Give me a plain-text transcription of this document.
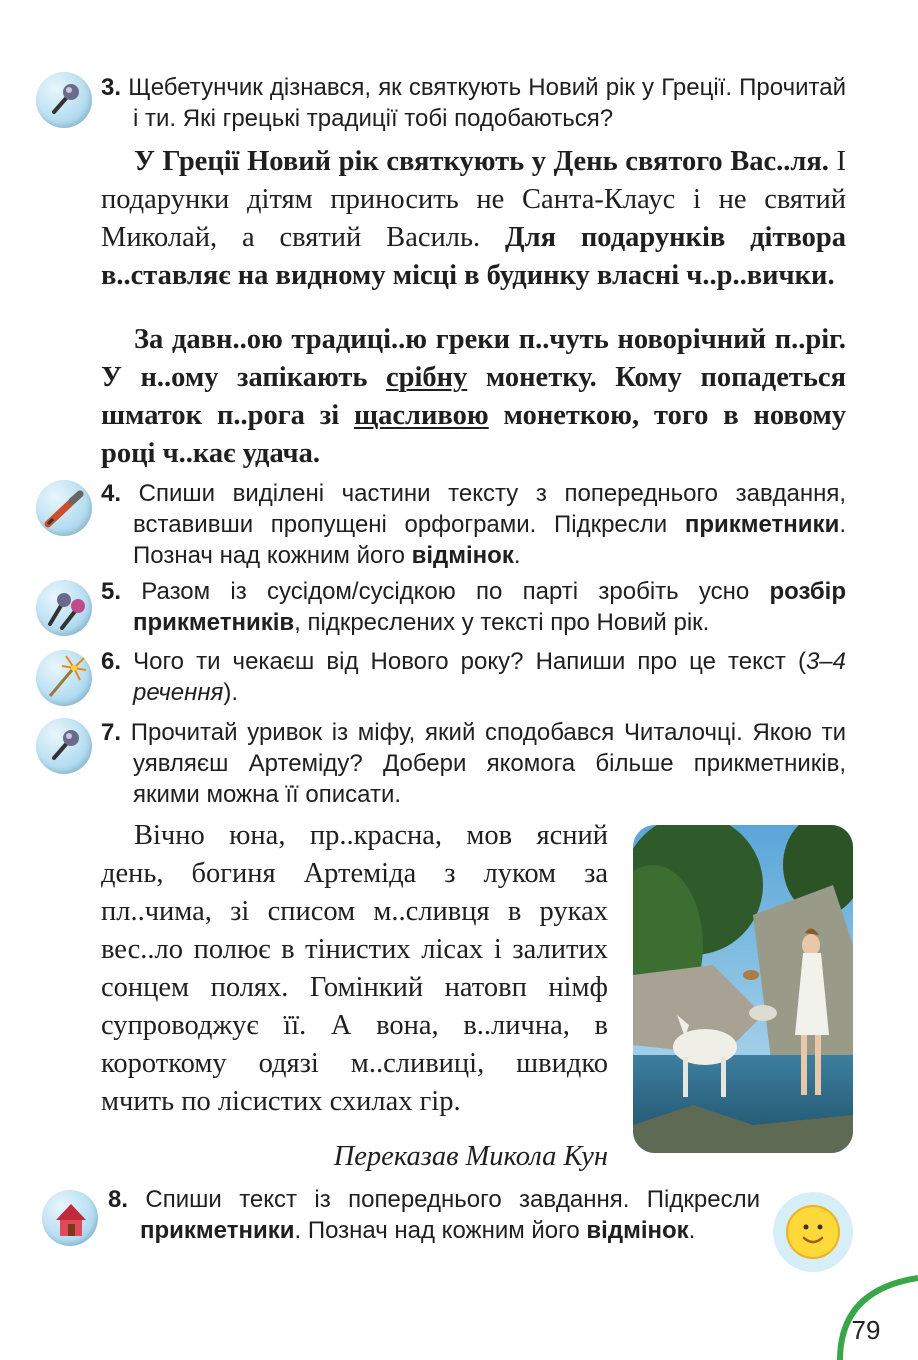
3. Щебетунчик дізнався, як святкують Новий рік у Греції. Прочитай і ти. Які грецькі традиції тобі подобаються?
У Греції Новий рік святкують у День святого Вас..ля. І подарунки дітям приносить не Санта-Клаус і не святий Миколай, а святий Василь. Для подарунків дітвора в..ставляє на видному місці в будинку власні ч..р..вички.
За давн..ою традиці..ю греки п..чуть новорічний п..ріг. У н..ому запікають срібну монетку. Кому попадеться шматок п..рога зі щасливою монеткою, того в новому році ч..кає удача.
4. Спиши виділені частини тексту з попереднього завдання, вставивши пропущені орфограми. Підкресли прикметники. Познач над кожним його відмінок.
5. Разом із сусідом/сусідкою по парті зробіть усно розбір прикметників, підкреслених у тексті про Новий рік.
6. Чого ти чекаєш від Нового року? Напиши про це текст (3–4 речення).
7. Прочитай уривок із міфу, який сподобався Читалочці. Якою ти уявляєш Артеміду? Добери якомога більше прикметників, якими можна її описати.
Вічно юна, пр..красна, мов ясний день, богиня Артеміда з луком за пл..чима, зі списом м..сливця в руках вес..ло полює в тінистих лісах і залитих сонцем полях. Гомінкий натовп німф супроводжує її. А вона, в..лична, в короткому одязі м..сливиці, швидко мчить по лісистих схилах гір.
Переказав Микола Кун
8. Спиши текст із попереднього завдання. Підкресли прикметники. Познач над кожним його відмінок.
79
